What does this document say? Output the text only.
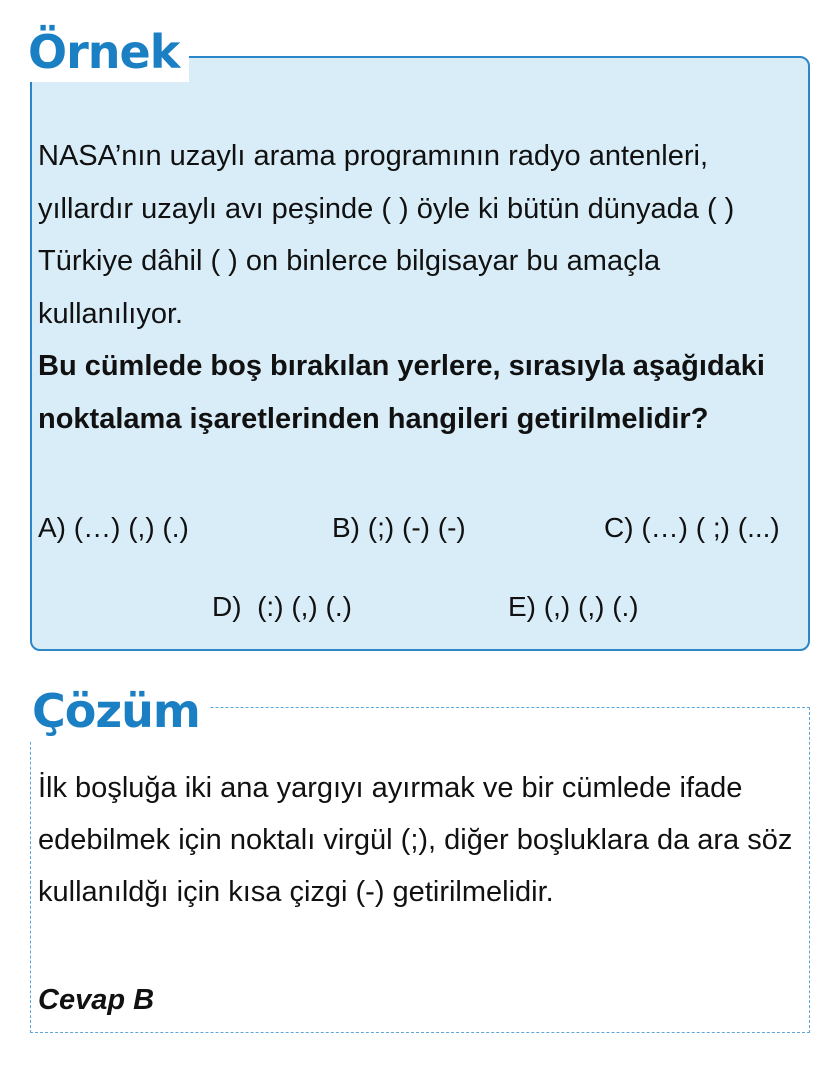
Örnek

NASA’nın uzaylı arama programının radyo antenleri, yıllardır uzaylı avı peşinde ( ) öyle ki bütün dünyada ( ) Türkiye dâhil ( ) on binlerce bilgisayar bu amaçla kullanılıyor.

Bu cümlede boş bırakılan yerlere, sırasıyla aşağıdaki noktalama işaretlerinden hangileri getirilmelidir?

A) (…) (,) (.)	B) (;) (-) (-)	C) (…) ( ;) (...)
D)  (:) (,) (.)	E) (,) (,) (.)
Çözüm

İlk boşluğa iki ana yargıyı ayırmak ve bir cümlede ifade edebilmek için noktalı virgül (;), diğer boşluklara da ara söz kullanıldğı için kısa çizgi (-) getirilmelidir.

Cevap B
